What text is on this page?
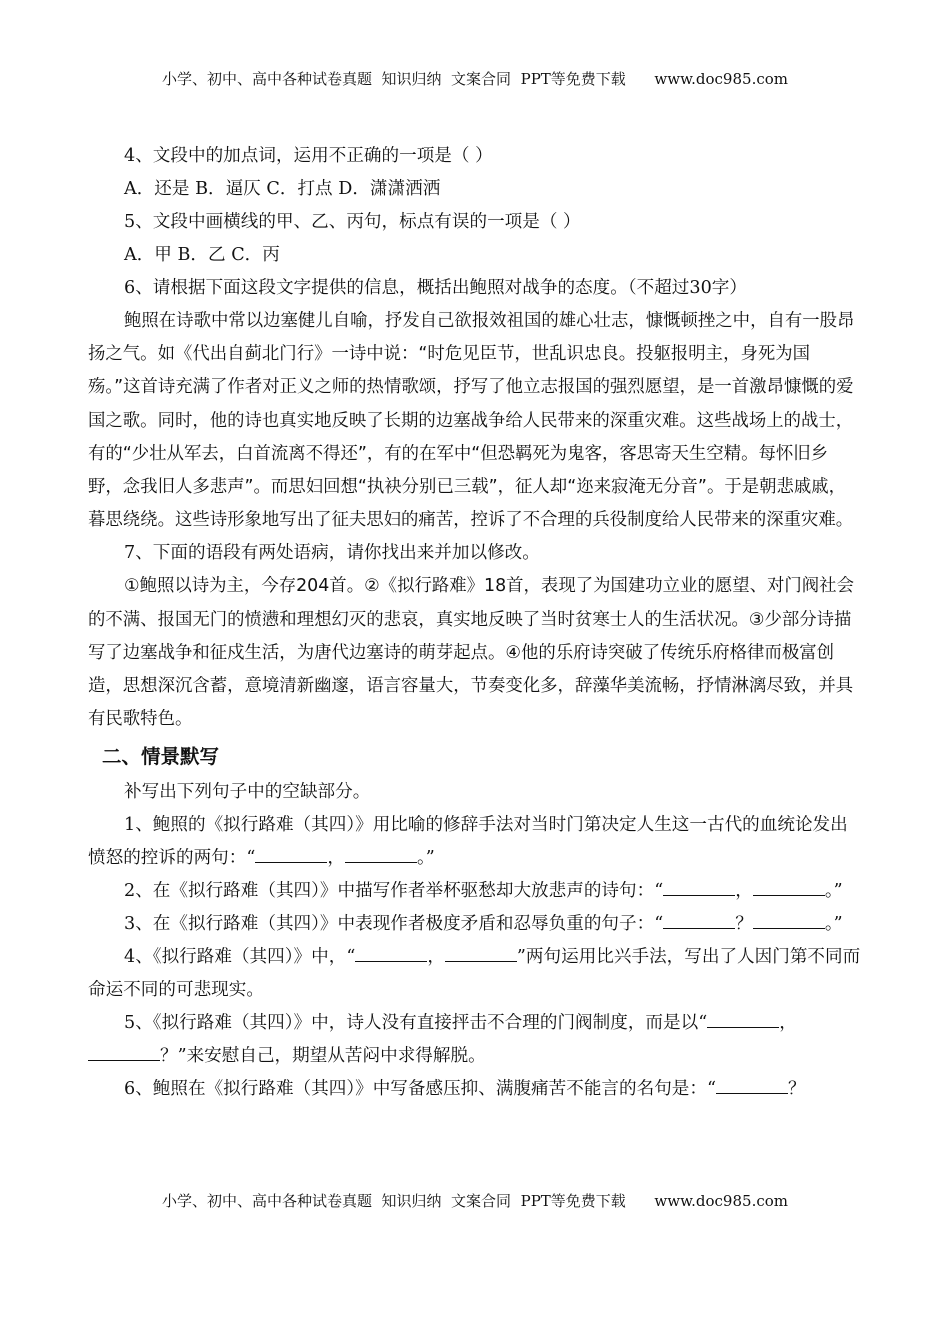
小学、初中、高中各种试卷真题  知识归纳  文案合同  PPT等免费下载      www.doc985.com

4、文段中的加点词，运用不正确的一项是（ ）

A．还是 B．逼仄 C．打点 D．潇潇洒洒

5、文段中画横线的甲、乙、丙句，标点有误的一项是（ ）

A．甲 B．乙 C．丙

6、请根据下面这段文字提供的信息，概括出鲍照对战争的态度。（不超过30字）

鲍照在诗歌中常以边塞健儿自喻，抒发自己欲报效祖国的雄心壮志，慷慨顿挫之中，自有一股昂扬之气。如《代出自蓟北门行》一诗中说：“时危见臣节，世乱识忠良。投躯报明主，身死为国殇。”这首诗充满了作者对正义之师的热情歌颂，抒写了他立志报国的强烈愿望，是一首激昂慷慨的爱国之歌。同时，他的诗也真实地反映了长期的边塞战争给人民带来的深重灾难。这些战场上的战士，有的“少壮从军去，白首流离不得还”，有的在军中“但恐羁死为鬼客，客思寄天生空精。每怀旧乡野，念我旧人多悲声”。而思妇回想“执袂分别已三载”，征人却“迩来寂淹无分音”。于是朝悲戚戚，暮思绕绕。这些诗形象地写出了征夫思妇的痛苦，控诉了不合理的兵役制度给人民带来的深重灾难。

7、下面的语段有两处语病，请你找出来并加以修改。

①鲍照以诗为主，今存204首。②《拟行路难》18首，表现了为国建功立业的愿望、对门阀社会的不满、报国无门的愤懑和理想幻灭的悲哀，真实地反映了当时贫寒士人的生活状况。③少部分诗描写了边塞战争和征戍生活，为唐代边塞诗的萌芽起点。④他的乐府诗突破了传统乐府格律而极富创造，思想深沉含蓄，意境清新幽邃，语言容量大，节奏变化多，辞藻华美流畅，抒情淋漓尽致，并具有民歌特色。

二、情景默写

补写出下列句子中的空缺部分。

1、鲍照的《拟行路难（其四）》用比喻的修辞手法对当时门第决定人生这一古代的血统论发出愤怒的控诉的两句：“	，	。”

2、在《拟行路难（其四）》中描写作者举杯驱愁却大放悲声的诗句：“	，	。”

3、在《拟行路难（其四）》中表现作者极度矛盾和忍辱负重的句子：“	？	。”

4、《拟行路难（其四）》中，“	，	”两句运用比兴手法，写出了人因门第不同而命运不同的可悲现实。

5、《拟行路难（其四）》中，诗人没有直接抨击不合理的门阀制度，而是以“	，？”来安慰自己，期望从苦闷中求得解脱。

6、鲍照在《拟行路难（其四）》中写备感压抑、满腹痛苦不能言的名句是：“	？

小学、初中、高中各种试卷真题  知识归纳  文案合同  PPT等免费下载      www.doc985.com
